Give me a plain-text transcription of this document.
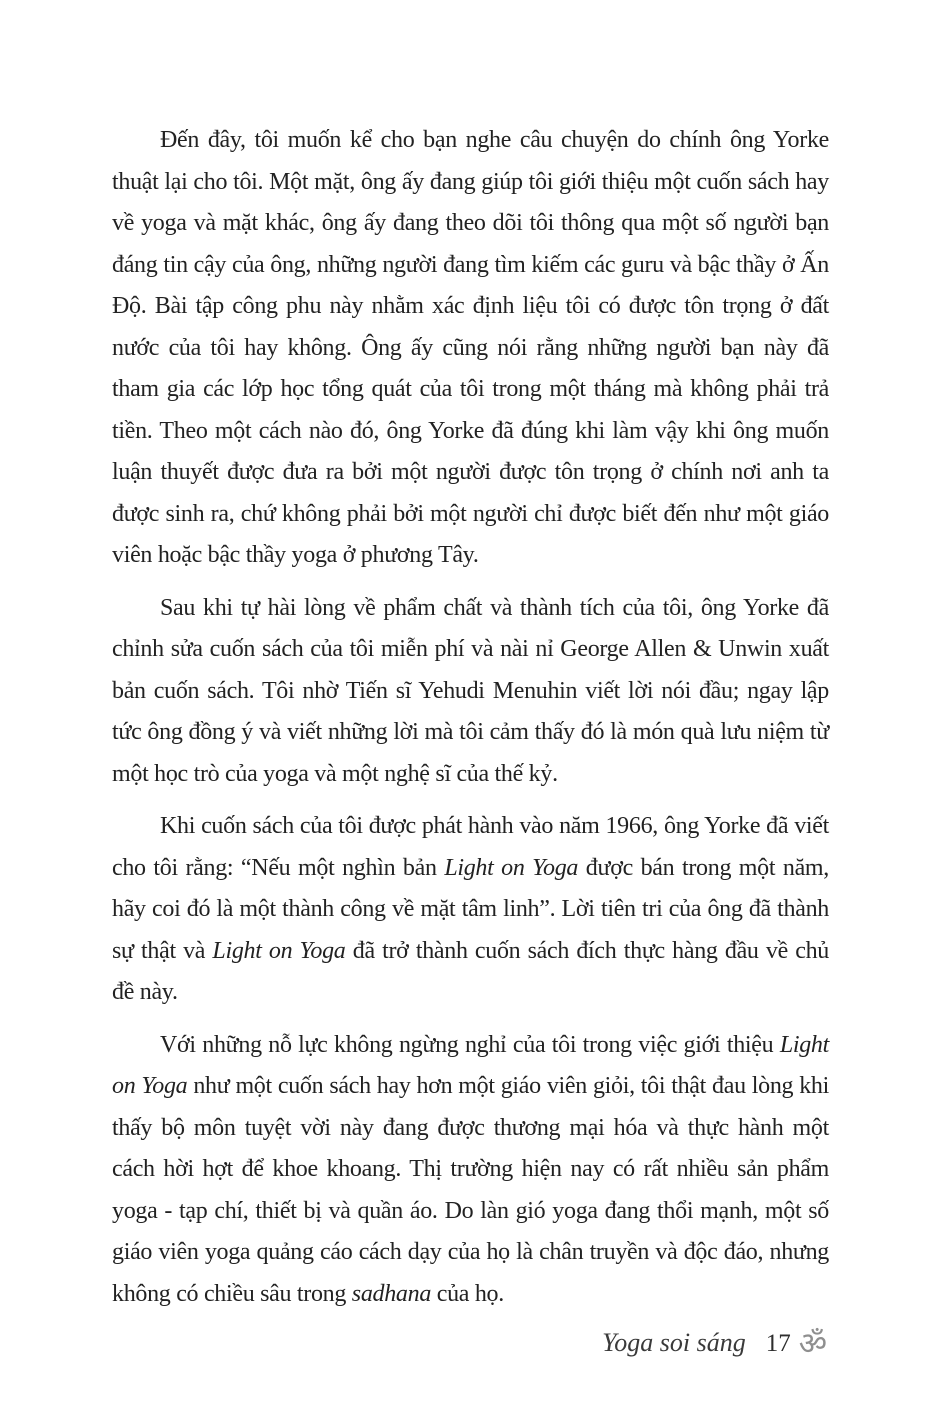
Đến đây, tôi muốn kể cho bạn nghe câu chuyện do chính ông Yorke thuật lại cho tôi. Một mặt, ông ấy đang giúp tôi giới thiệu một cuốn sách hay về yoga và mặt khác, ông ấy đang theo dõi tôi thông qua một số người bạn đáng tin cậy của ông, những người đang tìm kiếm các guru và bậc thầy ở Ấn Độ. Bài tập công phu này nhằm xác định liệu tôi có được tôn trọng ở đất nước của tôi hay không. Ông ấy cũng nói rằng những người bạn này đã tham gia các lớp học tổng quát của tôi trong một tháng mà không phải trả tiền. Theo một cách nào đó, ông Yorke đã đúng khi làm vậy khi ông muốn luận thuyết được đưa ra bởi một người được tôn trọng ở chính nơi anh ta được sinh ra, chứ không phải bởi một người chỉ được biết đến như một giáo viên hoặc bậc thầy yoga ở phương Tây.

Sau khi tự hài lòng về phẩm chất và thành tích của tôi, ông Yorke đã chỉnh sửa cuốn sách của tôi miễn phí và nài nỉ George Allen & Unwin xuất bản cuốn sách. Tôi nhờ Tiến sĩ Yehudi Menuhin viết lời nói đầu; ngay lập tức ông đồng ý và viết những lời mà tôi cảm thấy đó là món quà lưu niệm từ một học trò của yoga và một nghệ sĩ của thế kỷ.

Khi cuốn sách của tôi được phát hành vào năm 1966, ông Yorke đã viết cho tôi rằng: “Nếu một nghìn bản Light on Yoga được bán trong một năm, hãy coi đó là một thành công về mặt tâm linh”. Lời tiên tri của ông đã thành sự thật và Light on Yoga đã trở thành cuốn sách đích thực hàng đầu về chủ đề này.

Với những nỗ lực không ngừng nghỉ của tôi trong việc giới thiệu Light on Yoga như một cuốn sách hay hơn một giáo viên giỏi, tôi thật đau lòng khi thấy bộ môn tuyệt vời này đang được thương mại hóa và thực hành một cách hời hợt để khoe khoang. Thị trường hiện nay có rất nhiều sản phẩm yoga - tạp chí, thiết bị và quần áo. Do làn gió yoga đang thổi mạnh, một số giáo viên yoga quảng cáo cách dạy của họ là chân truyền và độc đáo, nhưng không có chiều sâu trong sadhana của họ.

Yoga soi sáng 17 ॐ
